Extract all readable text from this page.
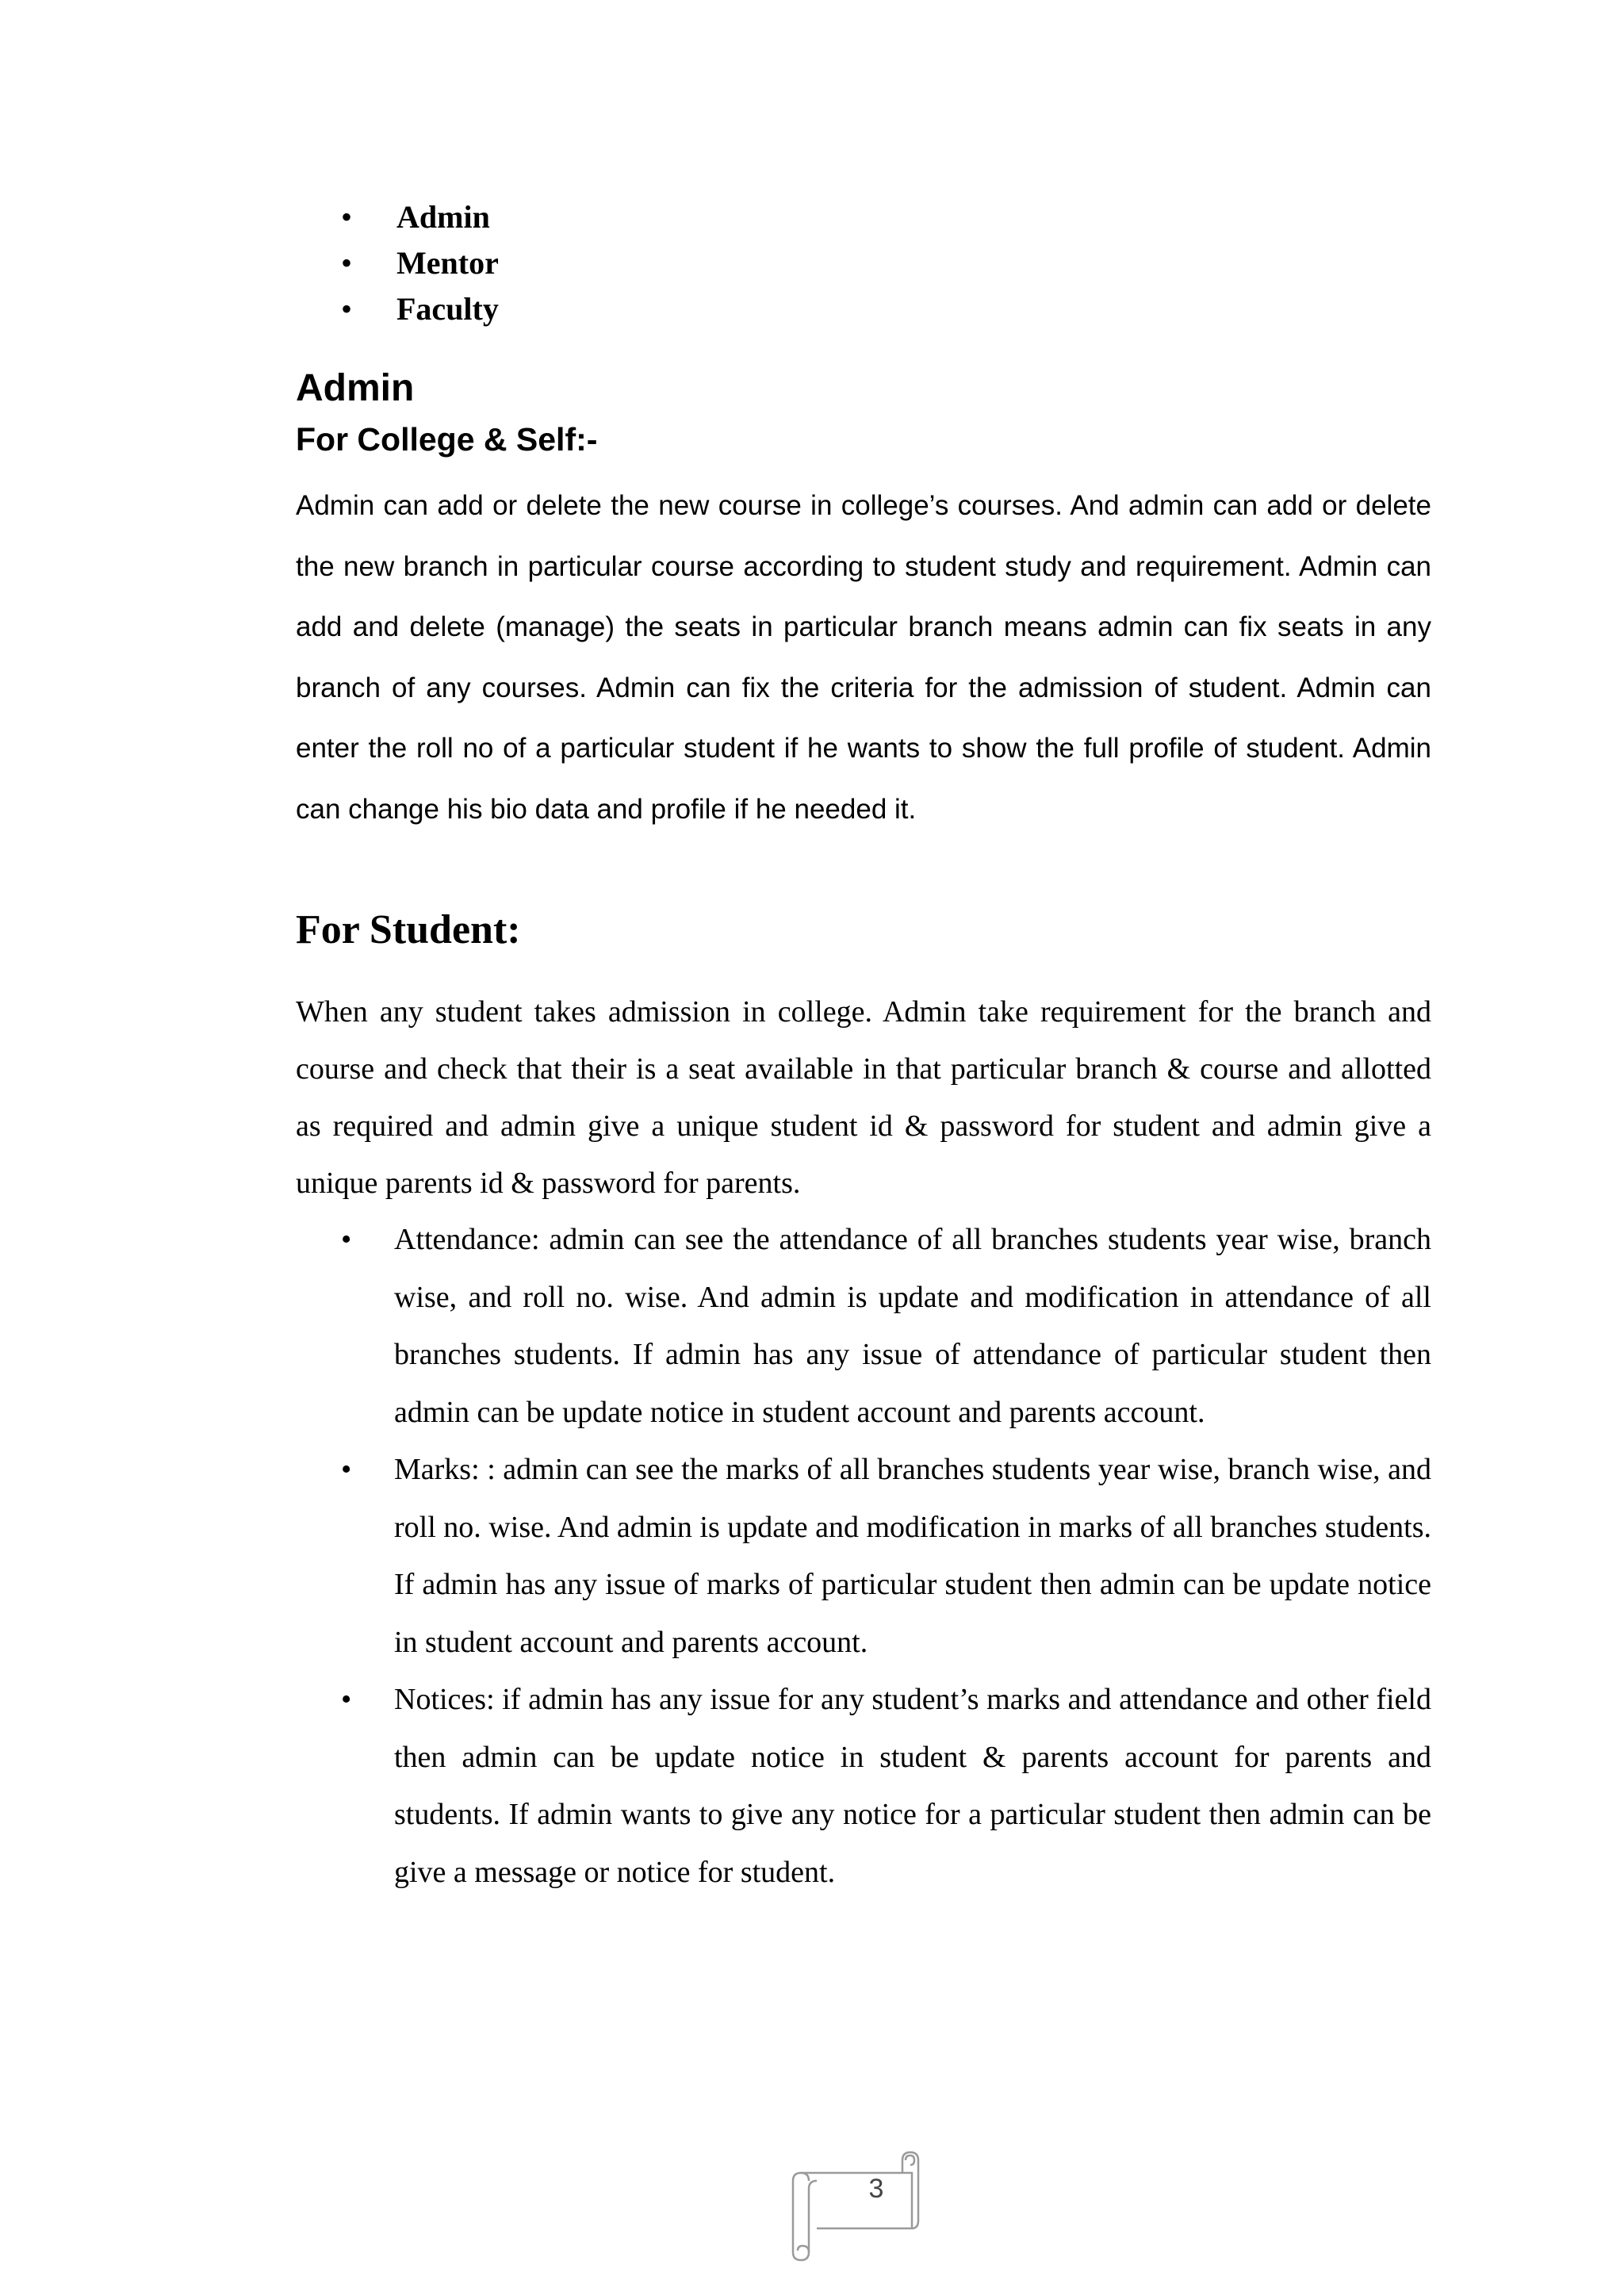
• Admin
• Mentor
• Faculty
Admin
For College & Self:-

Admin can add or delete the new course in college’s courses. And admin can add or delete the new branch in particular course according to student study and requirement. Admin can add and delete (manage) the seats in particular branch means admin can fix seats in any branch of any courses. Admin can fix the criteria for the admission of student. Admin can enter the roll no of a particular student if he wants to show the full profile of student. Admin can change his bio data and profile if he needed it.

For Student:

When any student takes admission in college. Admin take requirement for the branch and course and check that their is a seat available in that particular branch & course and allotted as required and admin give a unique student id & password for student and admin give a unique parents id & password for parents.

• Attendance: admin can see the attendance of all branches students year wise, branch wise, and roll no. wise. And admin is update and modification in attendance of all branches students. If admin has any issue of attendance of particular student then admin can be update notice in student account and parents account.
• Marks: : admin can see the marks of all branches students year wise, branch wise, and roll no. wise. And admin is update and modification in marks of all branches students. If admin has any issue of marks of particular student then admin can be update notice in student account and parents account.
• Notices: if admin has any issue for any student’s marks and attendance and other field then admin can be update notice in student & parents account for parents and students. If admin wants to give any notice for a particular student then admin can be give a message or notice for student.
3
